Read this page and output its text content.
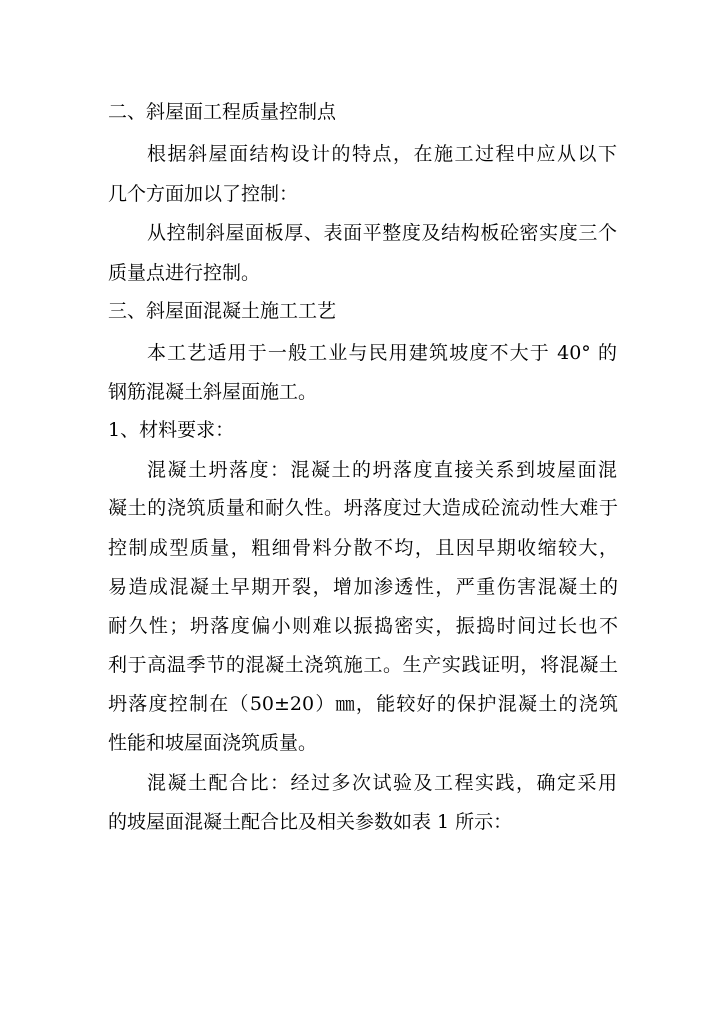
二、斜屋面工程质量控制点
根据斜屋面结构设计的特点，在施工过程中应从以下
几个方面加以了控制：
从控制斜屋面板厚、表面平整度及结构板砼密实度三个
质量点进行控制。
三、斜屋面混凝土施工工艺
本工艺适用于一般工业与民用建筑坡度不大于 40° 的
钢筋混凝土斜屋面施工。
1、材料要求：
混凝土坍落度：混凝土的坍落度直接关系到坡屋面混
凝土的浇筑质量和耐久性。坍落度过大造成砼流动性大难于
控制成型质量，粗细骨料分散不均，且因早期收缩较大，
易造成混凝土早期开裂，增加渗透性，严重伤害混凝土的
耐久性；坍落度偏小则难以振捣密实，振捣时间过长也不
利于高温季节的混凝土浇筑施工。生产实践证明，将混凝土
坍落度控制在（50±20）㎜，能较好的保护混凝土的浇筑
性能和坡屋面浇筑质量。
混凝土配合比：经过多次试验及工程实践，确定采用
的坡屋面混凝土配合比及相关参数如表 1 所示：
